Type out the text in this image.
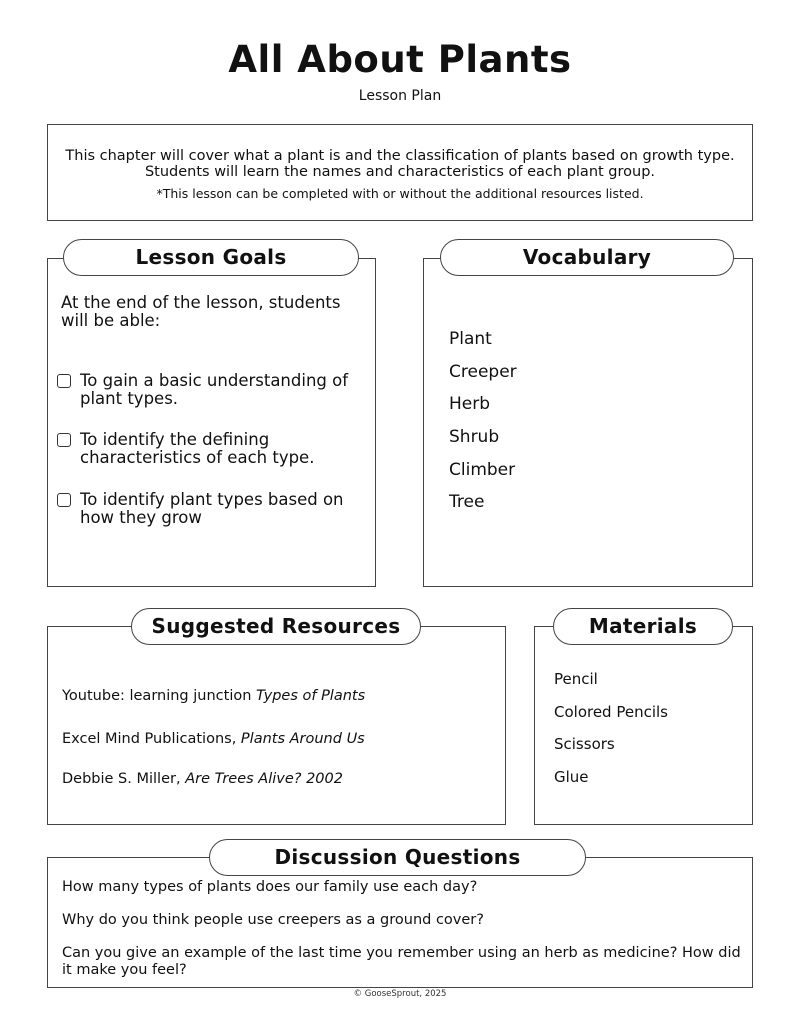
All About Plants
Lesson Plan
This chapter will cover what a plant is and the classification of plants based on growth type. Students will learn the names and characteristics of each plant group.
*This lesson can be completed with or without the additional resources listed.
Lesson Goals
At the end of the lesson, students will be able:
To gain a basic understanding of plant types.
To identify the defining characteristics of each type.
To identify plant types based on how they grow
Vocabulary
Plant
Creeper
Herb
Shrub
Climber
Tree
Suggested Resources
Youtube: learning junction Types of Plants
Excel Mind Publications, Plants Around Us
Debbie S. Miller, Are Trees Alive? 2002
Materials
Pencil
Colored Pencils
Scissors
Glue
Discussion Questions
How many types of plants does our family use each day?
Why do you think people use creepers as a ground cover?
Can you give an example of the last time you remember using an herb as medicine? How did it make you feel?
© GooseSprout, 2025
